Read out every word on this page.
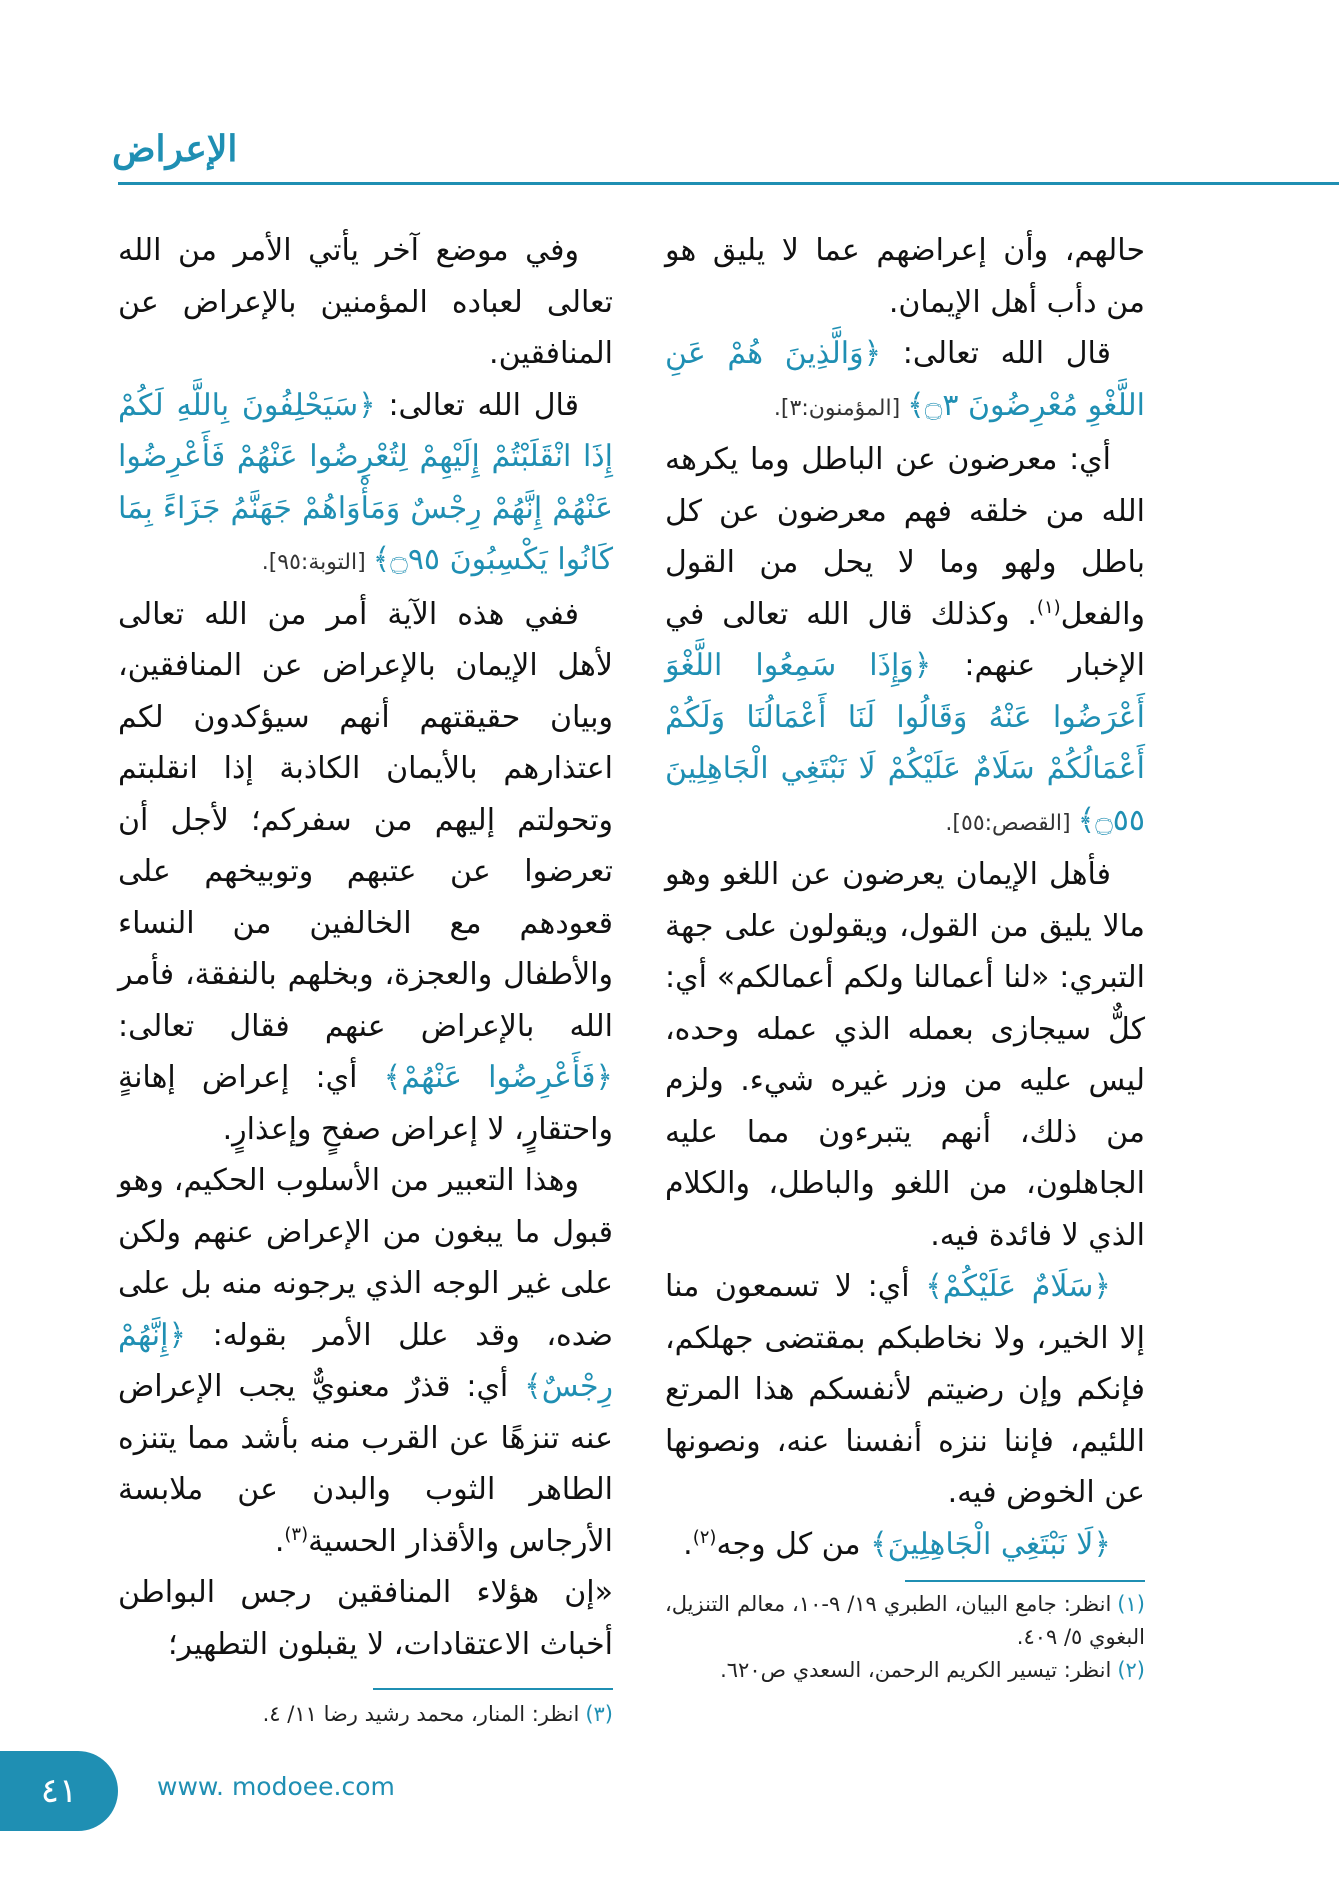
الإعراض

حالهم، وأن إعراضهم عما لا يليق هو من دأب أهل الإيمان.

قال الله تعالى: ﴿وَالَّذِينَ هُمْ عَنِ اللَّغْوِ مُعْرِضُونَ ۝٣﴾ [المؤمنون:٣].

أي: معرضون عن الباطل وما يكرهه الله من خلقه فهم معرضون عن كل باطل ولهو وما لا يحل من القول والفعل$^{(١)}$. وكذلك قال الله تعالى في الإخبار عنهم: ﴿وَإِذَا سَمِعُوا اللَّغْوَ أَعْرَضُوا عَنْهُ وَقَالُوا لَنَا أَعْمَالُنَا وَلَكُمْ أَعْمَالُكُمْ سَلَامٌ عَلَيْكُمْ لَا نَبْتَغِي الْجَاهِلِينَ ۝٥٥﴾ [القصص:٥٥].

فأهل الإيمان يعرضون عن اللغو وهو مالا يليق من القول، ويقولون على جهة التبري: «لنا أعمالنا ولكم أعمالكم» أي: كلٌّ سيجازى بعمله الذي عمله وحده، ليس عليه من وزر غيره شيء. ولزم من ذلك، أنهم يتبرءون مما عليه الجاهلون، من اللغو والباطل، والكلام الذي لا فائدة فيه.

﴿سَلَامٌ عَلَيْكُمْ﴾ أي: لا تسمعون منا إلا الخير، ولا نخاطبكم بمقتضى جهلكم، فإنكم وإن رضيتم لأنفسكم هذا المرتع اللئيم، فإننا ننزه أنفسنا عنه، ونصونها عن الخوض فيه.

﴿لَا نَبْتَغِي الْجَاهِلِينَ﴾ من كل وجه$^{(٢)}$.

وفي موضع آخر يأتي الأمر من الله تعالى لعباده المؤمنين بالإعراض عن المنافقين.

قال الله تعالى: ﴿سَيَحْلِفُونَ بِاللَّهِ لَكُمْ إِذَا انْقَلَبْتُمْ إِلَيْهِمْ لِتُعْرِضُوا عَنْهُمْ فَأَعْرِضُوا عَنْهُمْ إِنَّهُمْ رِجْسٌ وَمَأْوَاهُمْ جَهَنَّمُ جَزَاءً بِمَا كَانُوا يَكْسِبُونَ ۝٩٥﴾ [التوبة:٩٥].

ففي هذه الآية أمر من الله تعالى لأهل الإيمان بالإعراض عن المنافقين، وبيان حقيقتهم أنهم سيؤكدون لكم اعتذارهم بالأيمان الكاذبة إذا انقلبتم وتحولتم إليهم من سفركم؛ لأجل أن تعرضوا عن عتبهم وتوبيخهم على قعودهم مع الخالفين من النساء والأطفال والعجزة، وبخلهم بالنفقة، فأمر الله بالإعراض عنهم فقال تعالى: ﴿فَأَعْرِضُوا عَنْهُمْ﴾ أي: إعراض إهانةٍ واحتقارٍ، لا إعراض صفحٍ وإعذارٍ.

وهذا التعبير من الأسلوب الحكيم، وهو قبول ما يبغون من الإعراض عنهم ولكن على غير الوجه الذي يرجونه منه بل على ضده، وقد علل الأمر بقوله: ﴿إِنَّهُمْ رِجْسٌ﴾ أي: قذرٌ معنويٌّ يجب الإعراض عنه تنزهًا عن القرب منه بأشد مما يتنزه الطاهر الثوب والبدن عن ملابسة الأرجاس والأقذار الحسية$^{(٣)}$.

«إن هؤلاء المنافقين رجس البواطن أخباث الاعتقادات، لا يقبلون التطهير؛

(١)انظر: جامع البيان، الطبري ١٩/ ٩-١٠، معالم التنزيل، البغوي ٥/ ٤٠٩.

(٢)انظر: تيسير الكريم الرحمن، السعدي ص٦٢٠.

(٣)انظر: المنار، محمد رشيد رضا ١١/ ٤.

٤١	www. modoee.com
